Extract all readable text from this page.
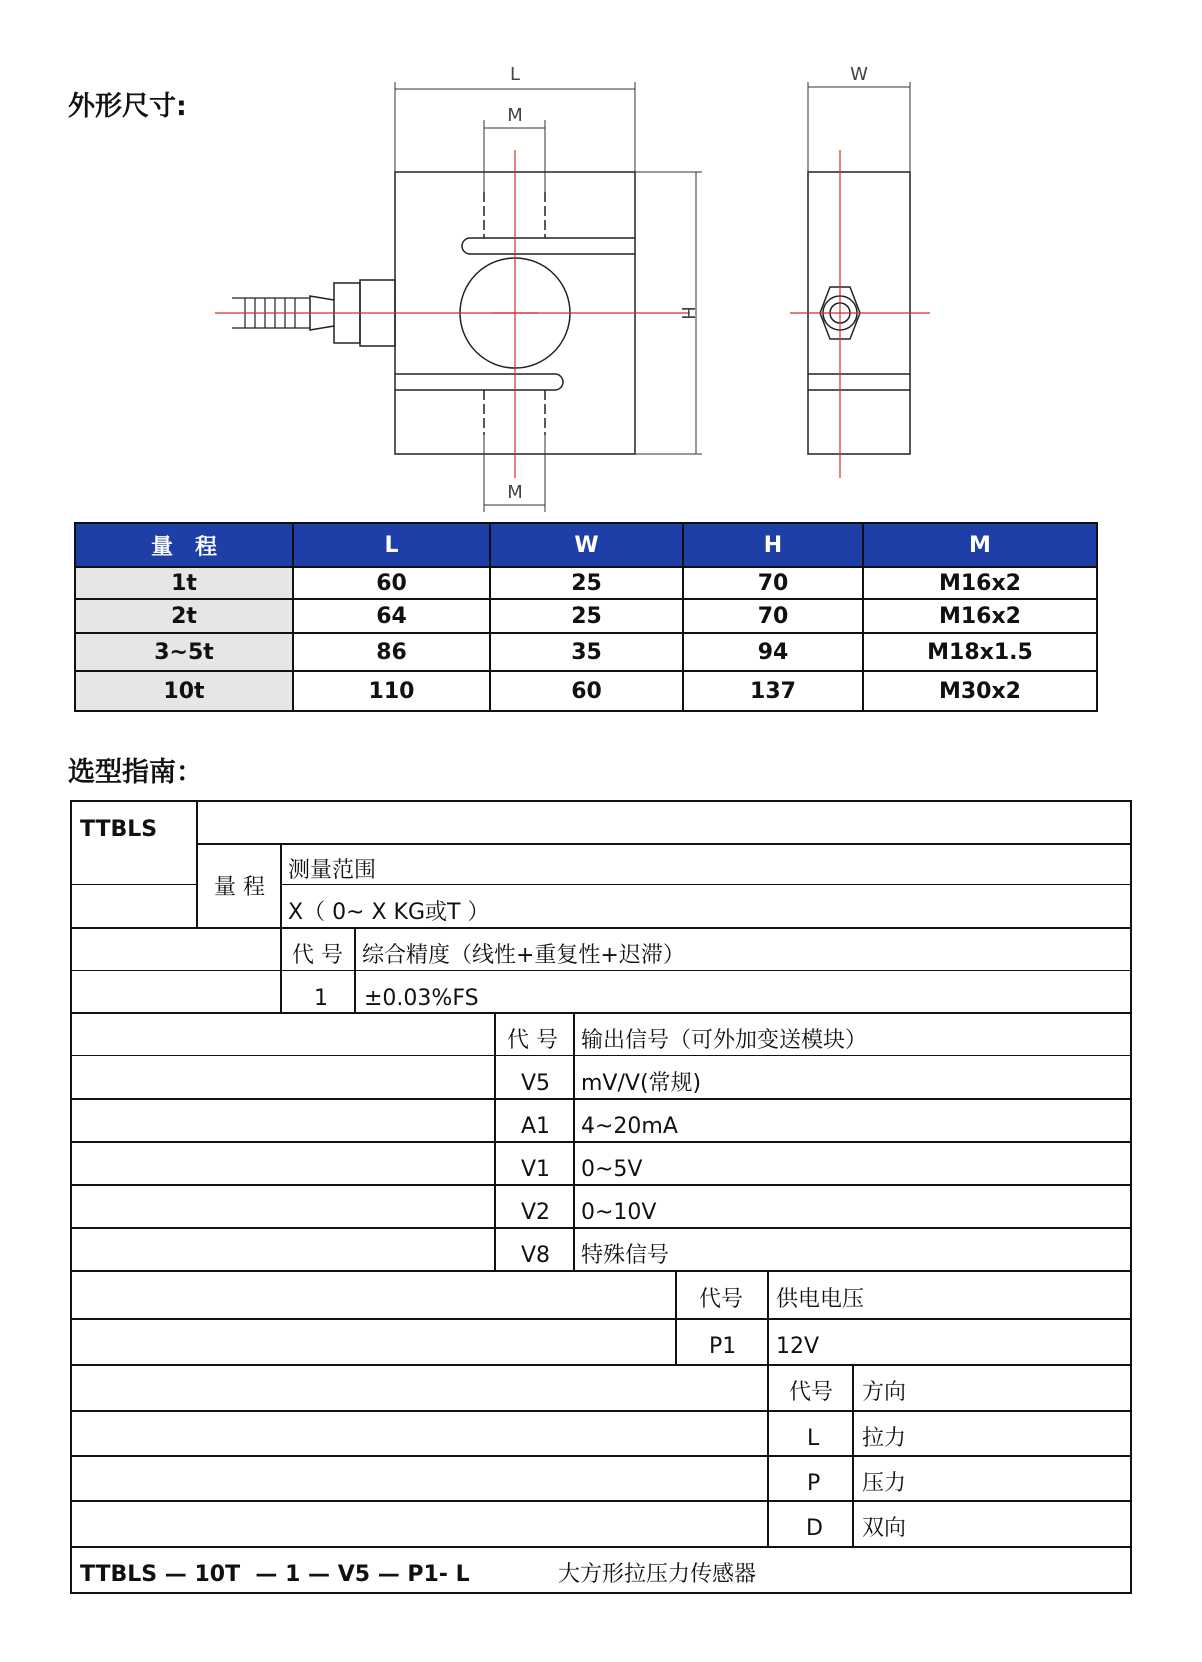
外形尺寸:
L
M
M
W
H
量　程	L	W	H	M
1t	60	25	70	M16x2
2t	64	25	70	M16x2
3~5t	86	35	94	M18x1.5
10t	110	60	137	M30x2
选型指南：
TTBLS
量 程
测量范围
X（ 0~ X KG或T ）
代 号 综合精度（线性+重复性+迟滞）
1 ±0.03%FS
代 号 输出信号（可外加变送模块）
V5 mV/V(常规)
A1 4~20mA
V1 0~5V
V2 0~10V
V8 特殊信号
代号 供电电压
P1 12V
代号 方向
L 拉力
P 压力
D 双向
TTBLS — 10T  — 1 — V5 — P1- L	大方形拉压力传感器
